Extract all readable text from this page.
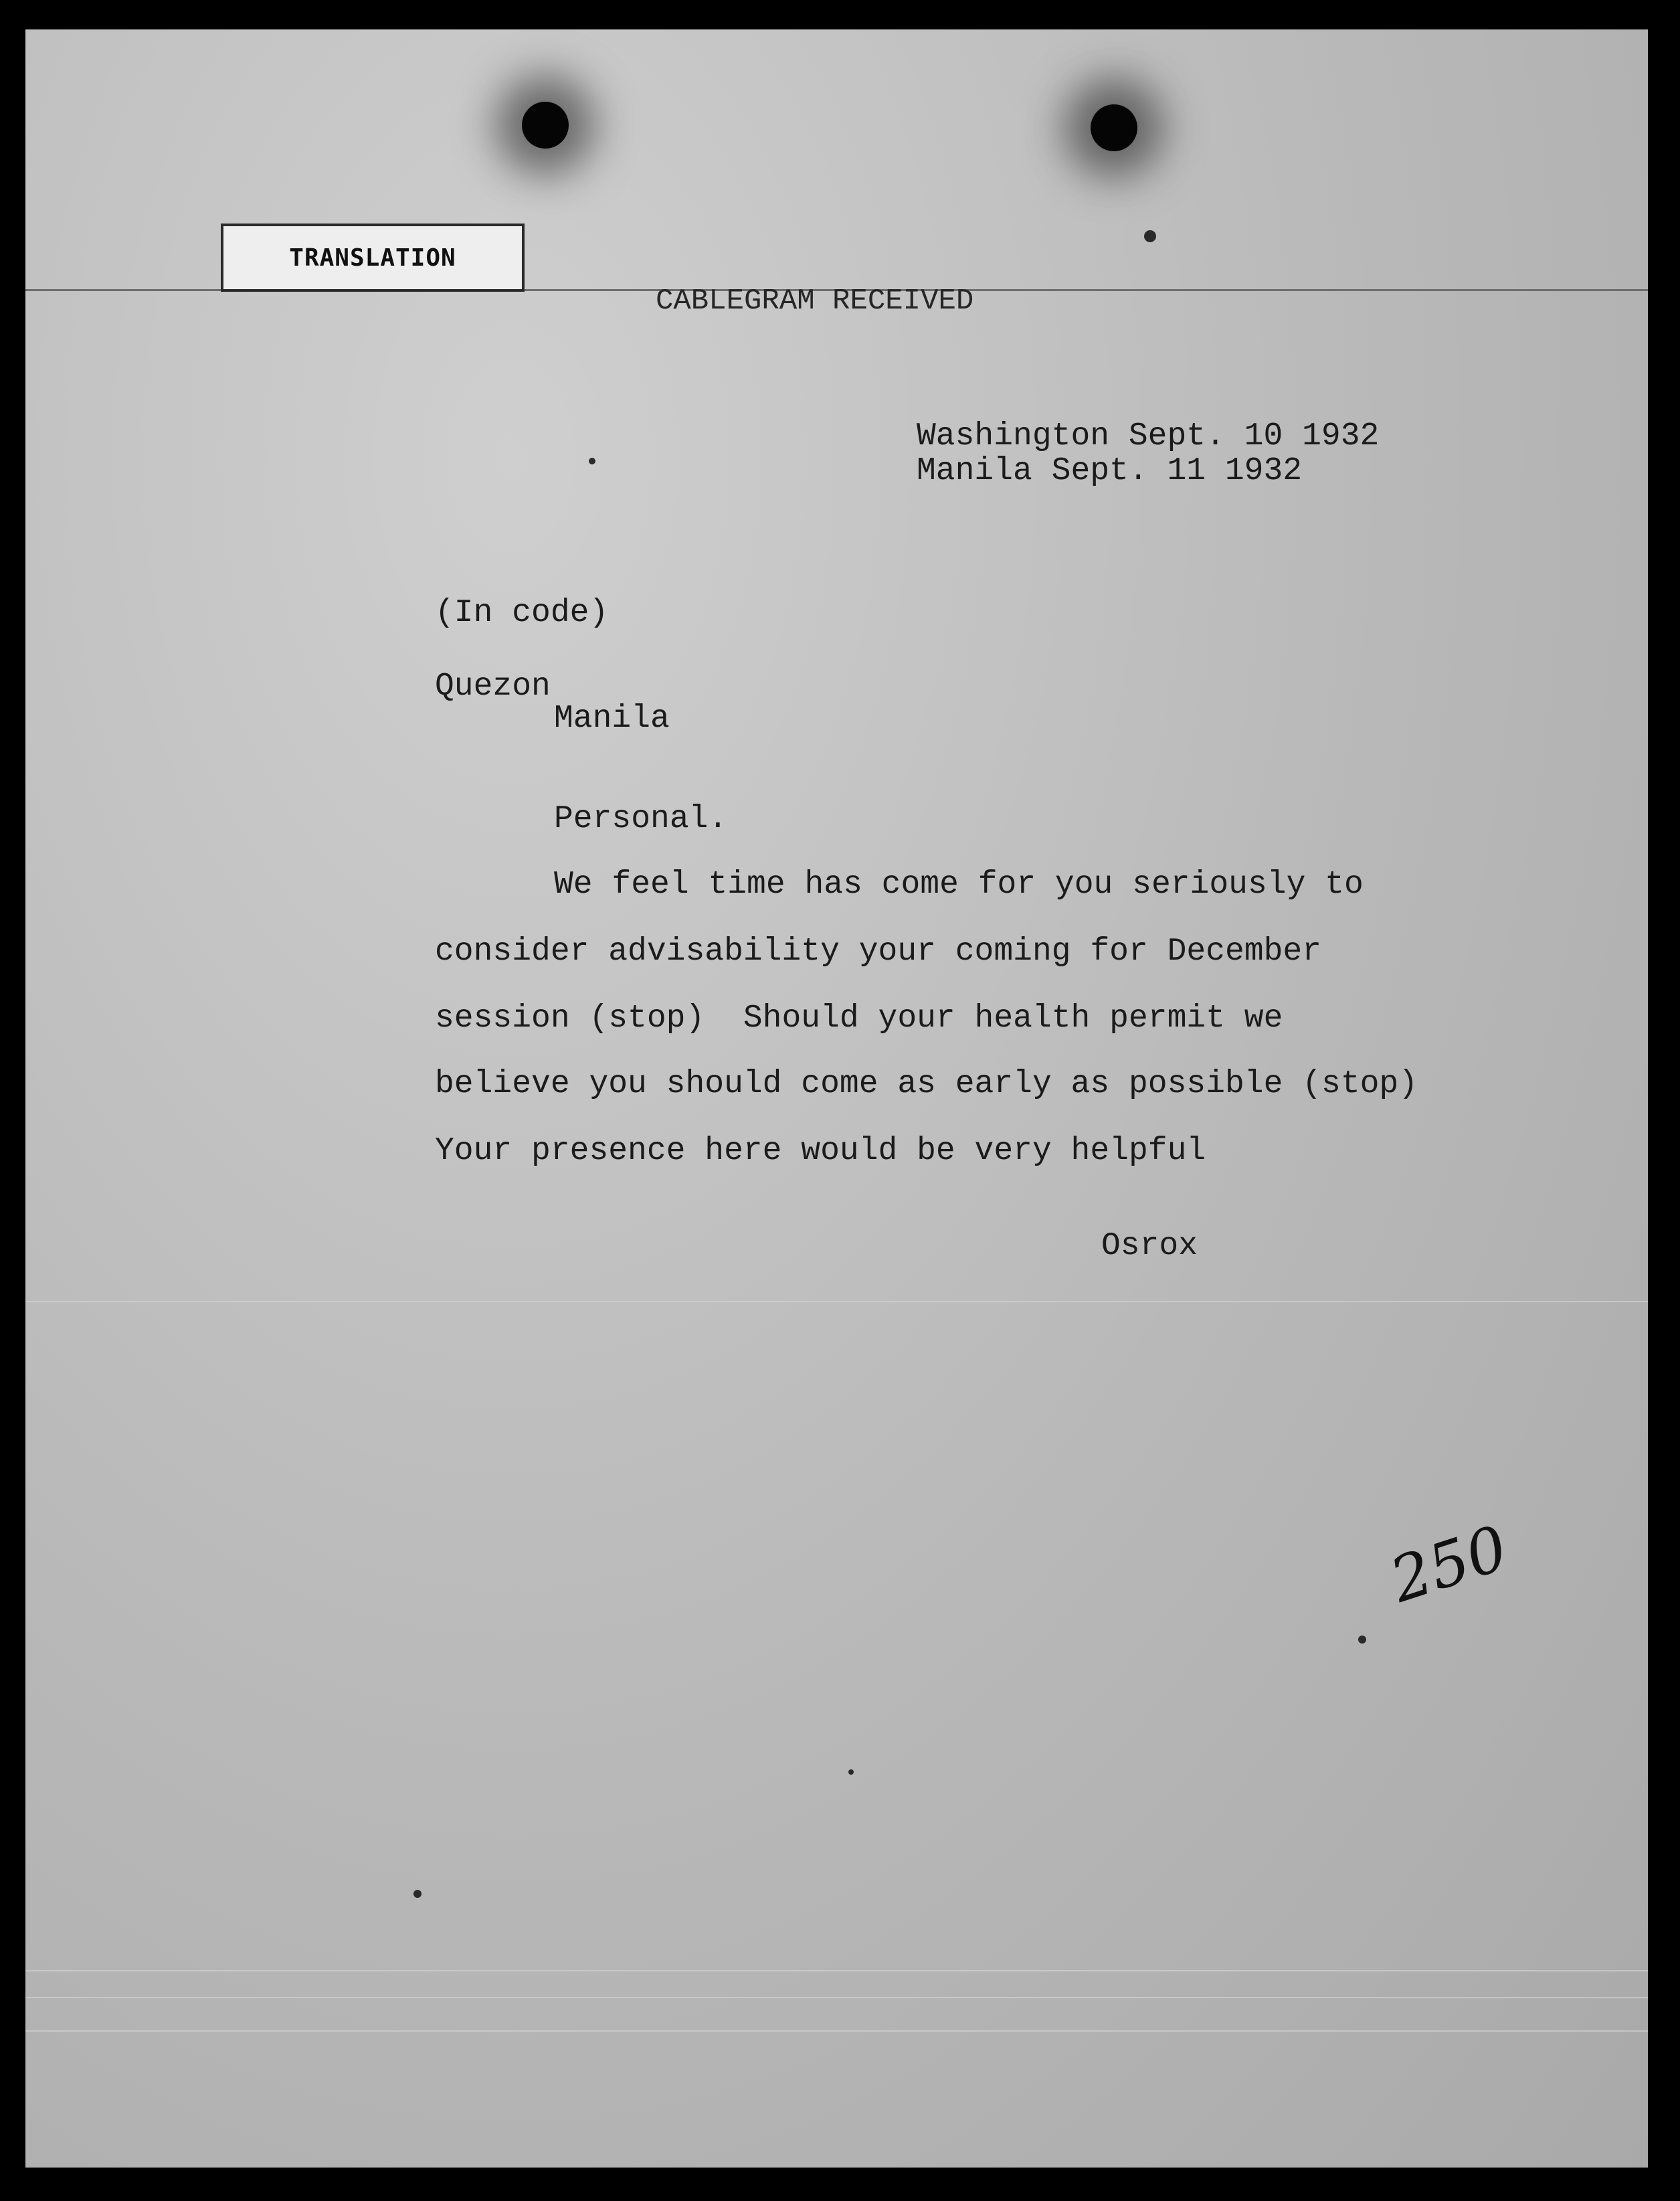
TRANSLATION
CABLEGRAM RECEIVED
Washington Sept. 10 1932
Manila Sept. 11 1932
(In code)
Quezon
Manila
Personal.
We feel time has come for you seriously to
consider advisability your coming for December
session (stop)  Should your health permit we
believe you should come as early as possible (stop)
Your presence here would be very helpful
Osrox
250
